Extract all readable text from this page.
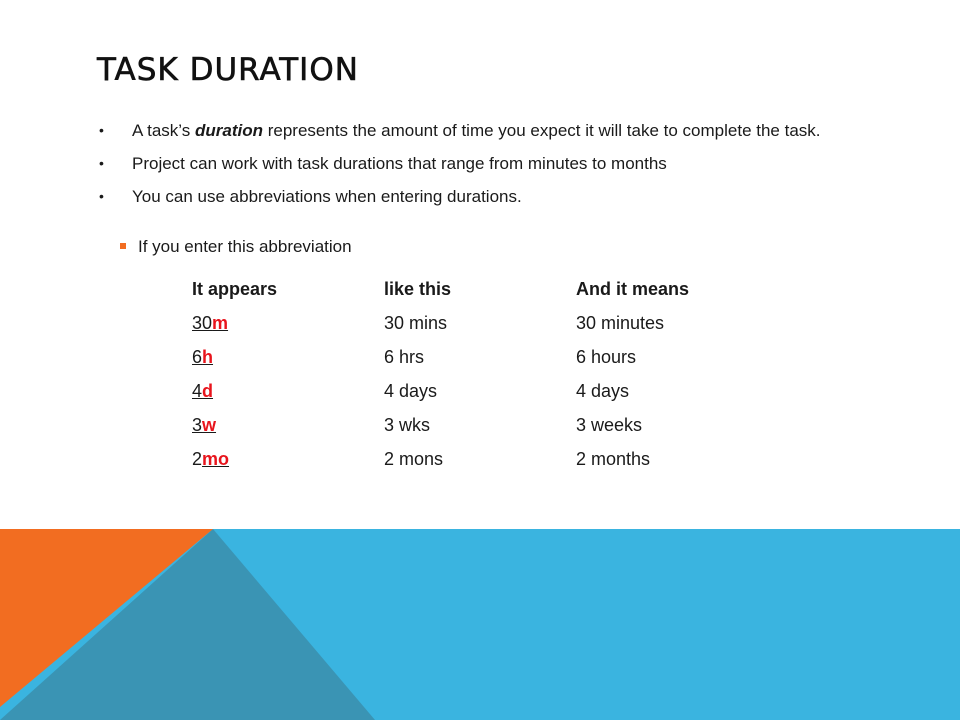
TASK DURATION
• A task’s duration represents the amount of time you expect it will take to complete the task.
• Project can work with task durations that range from minutes to months
• You can use abbreviations when entering durations.
If you enter this abbreviation
It appears	like this	And it means
30m	30 mins	30 minutes
6h	6 hrs	6 hours
4d	4 days	4 days
3w	3 wks	3 weeks
2mo	2 mons	2 months
